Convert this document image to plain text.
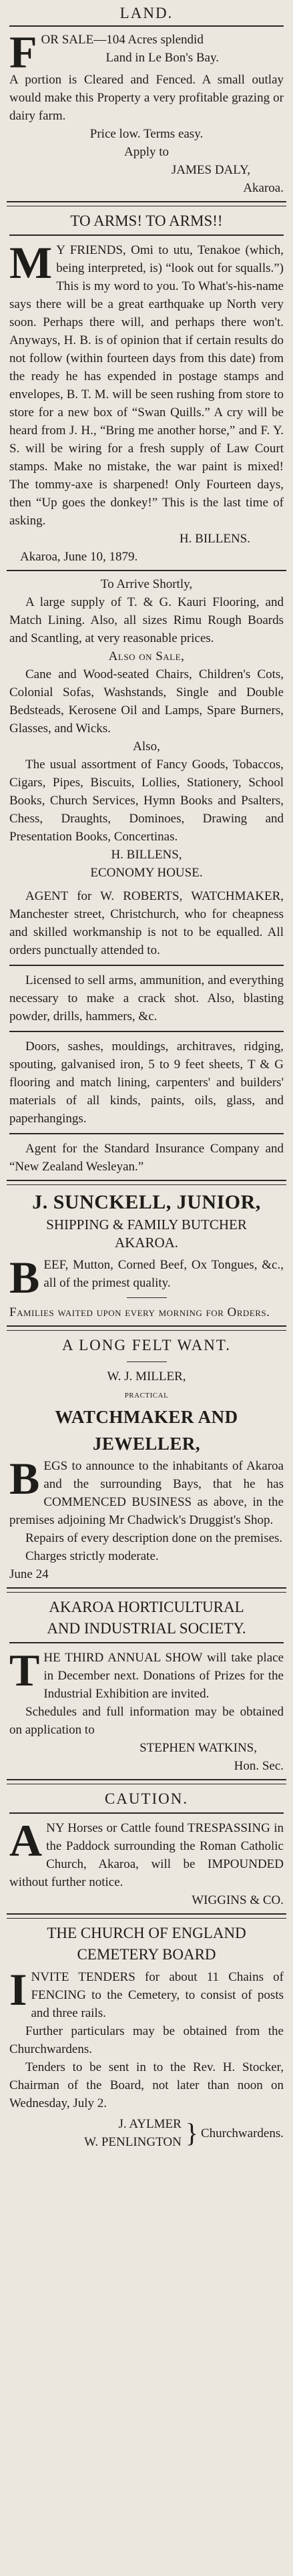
LAND.
F OR SALE—104 Acres splendid
Land in Le Bon's Bay.
A portion is Cleared and Fenced. A small outlay would make this Property a very profitable grazing or dairy farm.
Price low. Terms easy.
Apply to
JAMES DALY,
Akaroa.
TO ARMS! TO ARMS!!
M Y FRIENDS, Omi to utu, Tenakoe (which, being interpreted, is) “look out for squalls.”) This is my word to you. To What's-his-name says there will be a great earthquake up North very soon. Perhaps there will, and perhaps there won't. Anyways, H. B. is of opinion that if certain results do not follow (within fourteen days from this date) from the ready he has expended in postage stamps and envelopes, B. T. M. will be seen rushing from store to store for a new box of “Swan Quills.” A cry will be heard from J. H., “Bring me another horse,” and F. Y. S. will be wiring for a fresh supply of Law Court stamps. Make no mistake, the war paint is mixed! The tommy-axe is sharpened! Only Fourteen days, then “Up goes the donkey!” This is the last time of asking.
H. BILLENS.
Akaroa, June 10, 1879.
To Arrive Shortly,
A large supply of T. & G. Kauri Flooring, and Match Lining. Also, all sizes Rimu Rough Boards and Scantling, at very reasonable prices.
Also on Sale,
Cane and Wood-seated Chairs, Children's Cots, Colonial Sofas, Washstands, Single and Double Bedsteads, Kerosene Oil and Lamps, Spare Burners, Glasses, and Wicks.
Also,
The usual assortment of Fancy Goods, Tobaccos, Cigars, Pipes, Biscuits, Lollies, Stationery, School Books, Church Services, Hymn Books and Psalters, Chess, Draughts, Dominoes, Drawing and Presentation Books, Concertinas.
H. BILLENS,
ECONOMY HOUSE.
AGENT for W. ROBERTS, WATCHMAKER, Manchester street, Christchurch, who for cheapness and skilled workmanship is not to be equalled. All orders punctually attended to.
Licensed to sell arms, ammunition, and everything necessary to make a crack shot. Also, blasting powder, drills, hammers, &c.
Doors, sashes, mouldings, architraves, ridging, spouting, galvanised iron, 5 to 9 feet sheets, T & G flooring and match lining, carpenters' and builders' materials of all kinds, paints, oils, glass, and paperhangings.
Agent for the Standard Insurance Company and “New Zealand Wesleyan.”
J. SUNCKELL, JUNIOR,
SHIPPING & FAMILY BUTCHER
AKAROA.
B EEF, Mutton, Corned Beef, Ox Tongues, &c., all of the primest quality.
Families waited upon every morning for Orders.
A LONG FELT WANT.
W. J. MILLER,
practical
WATCHMAKER AND JEWELLER,
B EGS to announce to the inhabitants of Akaroa and the surrounding Bays, that he has COMMENCED BUSINESS as above, in the premises adjoining Mr Chadwick's Druggist's Shop.
Repairs of every description done on the premises.
Charges strictly moderate.
June 24
AKAROA HORTICULTURAL
AND INDUSTRIAL SOCIETY.
T HE THIRD ANNUAL SHOW will take place in December next. Donations of Prizes for the Industrial Exhibition are invited.
Schedules and full information may be obtained on application to
STEPHEN WATKINS,
Hon. Sec.
CAUTION.
A NY Horses or Cattle found TRESPASSING in the Paddock surrounding the Roman Catholic Church, Akaroa, will be IMPOUNDED without further notice.
WIGGINS & CO.
THE CHURCH OF ENGLAND
CEMETERY BOARD
I NVITE TENDERS for about 11 Chains of FENCING to the Cemetery, to consist of posts and three rails.
Further particulars may be obtained from the Churchwardens.
Tenders to be sent in to the Rev. H. Stocker, Chairman of the Board, not later than noon on Wednesday, July 2.
J. AYLMER
W. PENLINGTON } Churchwardens.
